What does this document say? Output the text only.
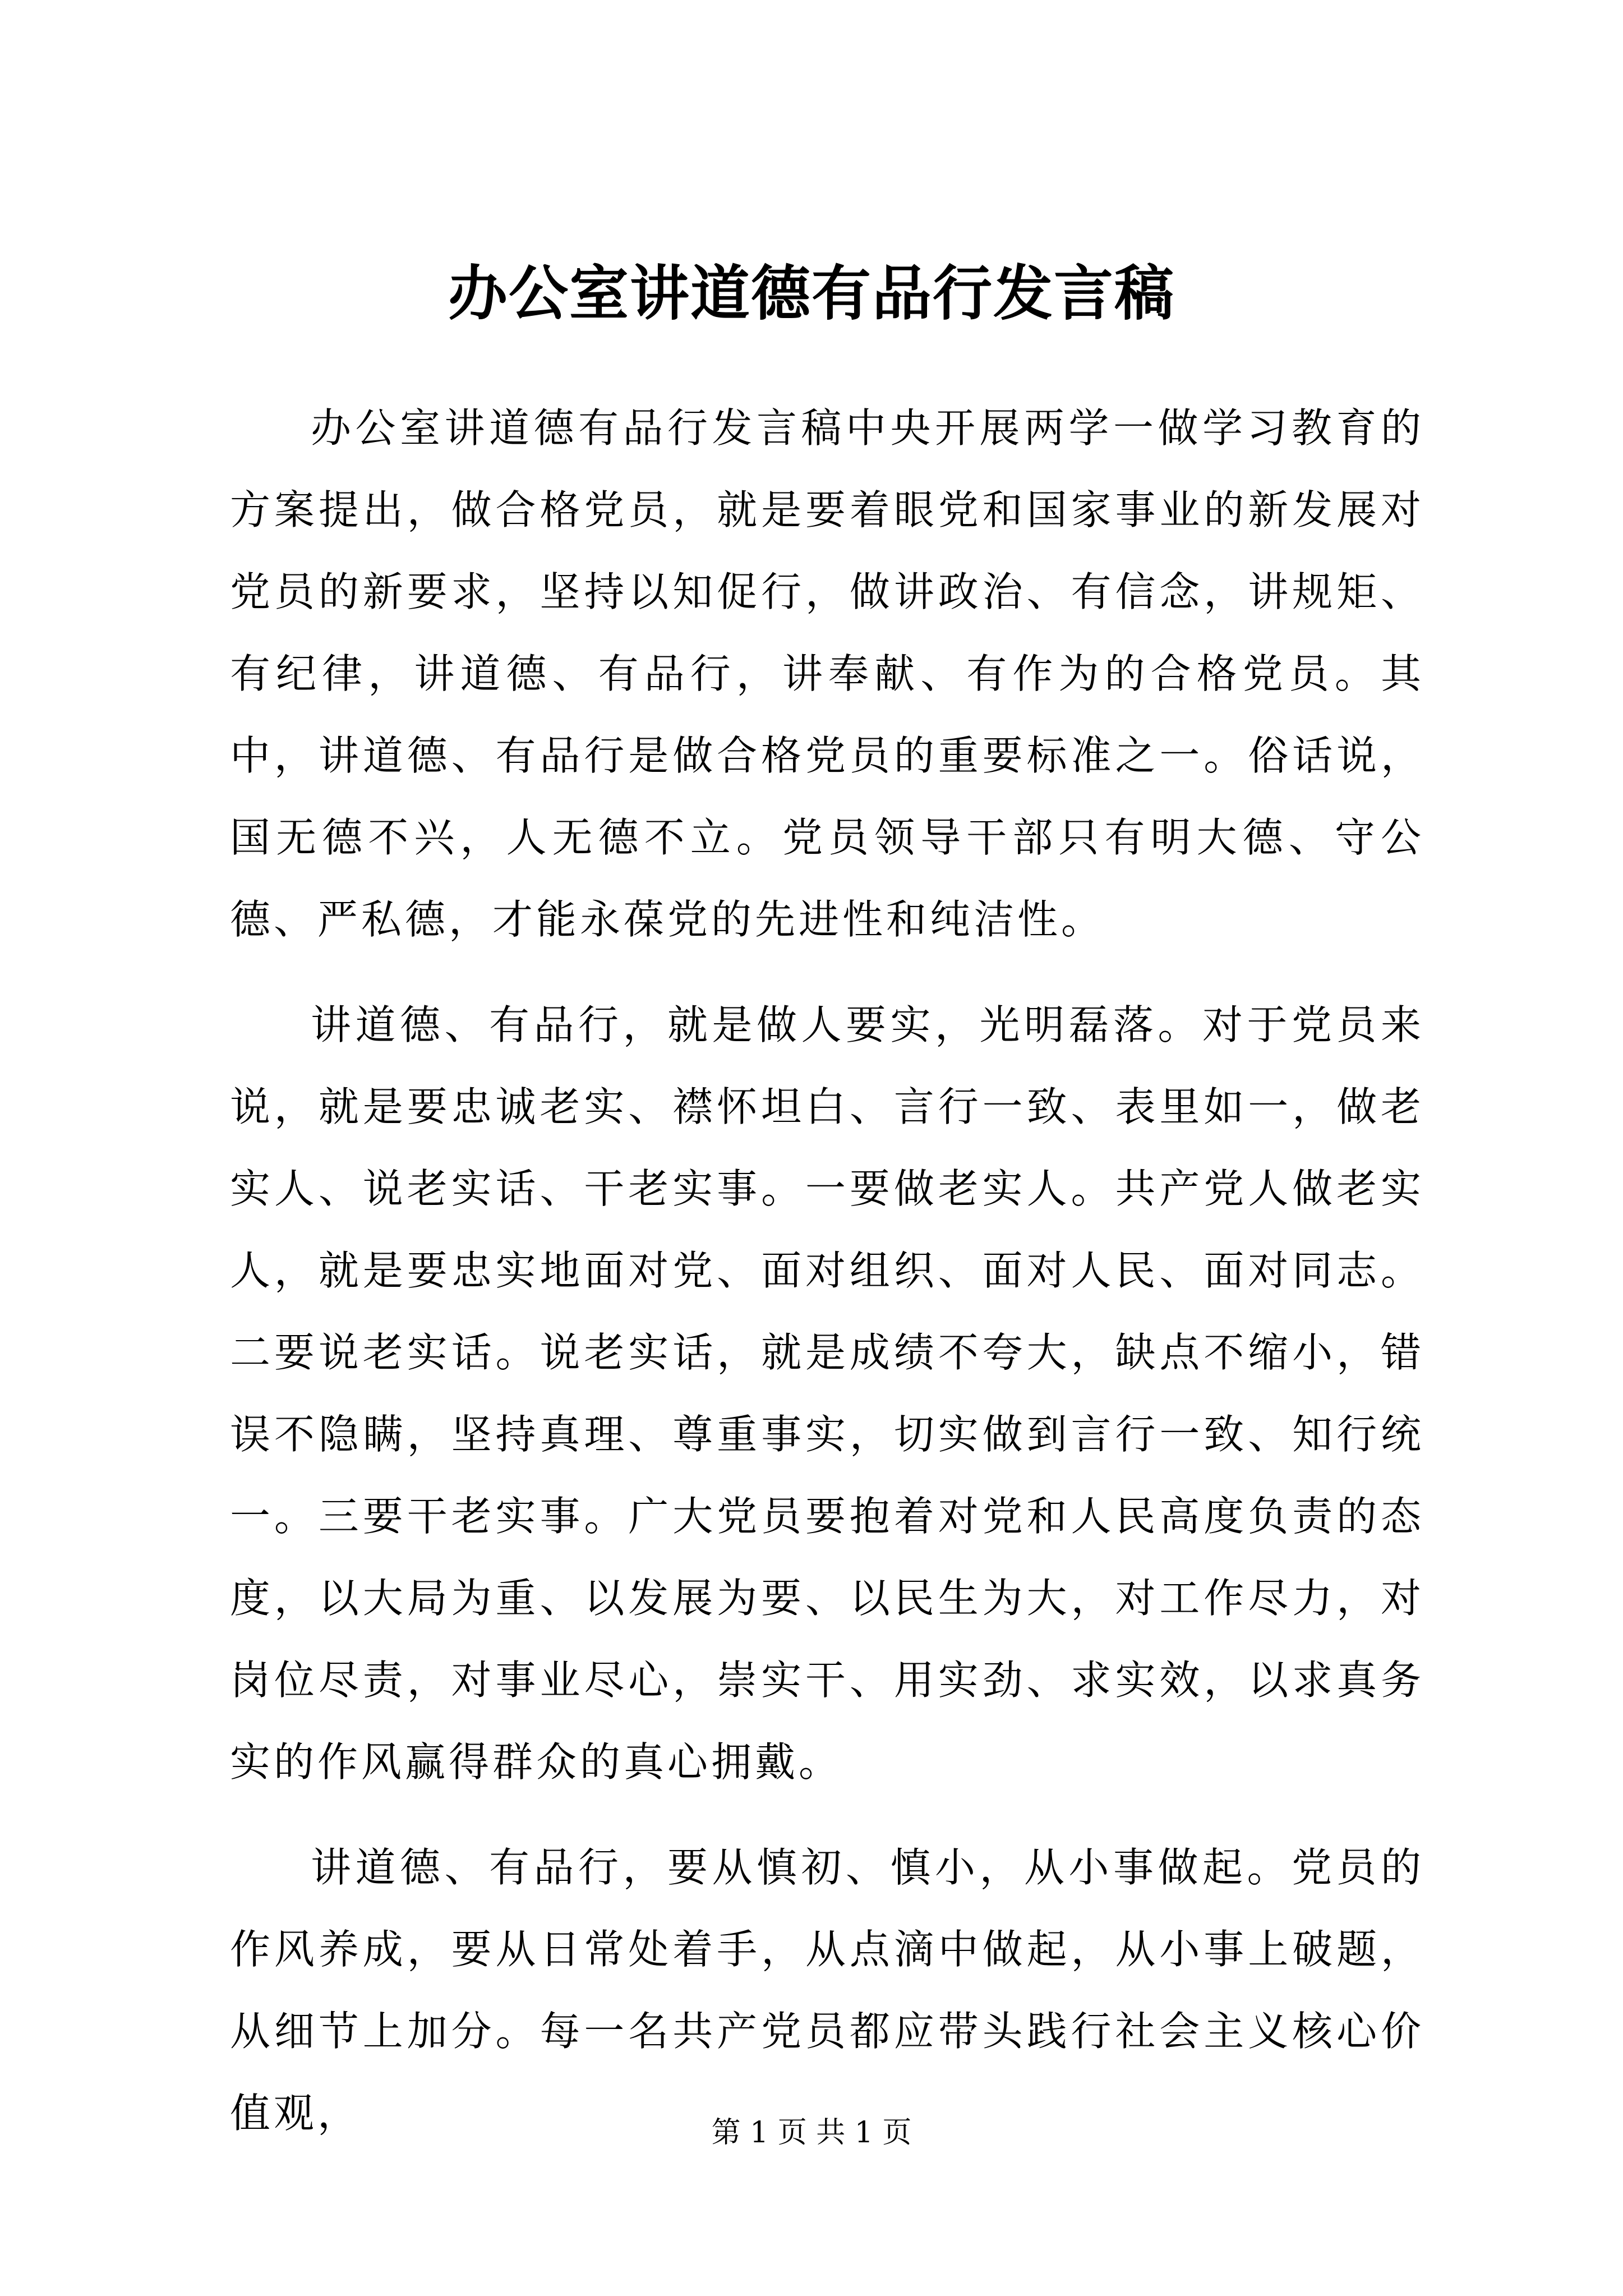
办公室讲道德有品行发言稿

办公室讲道德有品行发言稿中央开展两学一做学习教育的方案提出，做合格党员，就是要着眼党和国家事业的新发展对党员的新要求，坚持以知促行，做讲政治、有信念，讲规矩、有纪律，讲道德、有品行，讲奉献、有作为的合格党员。其中，讲道德、有品行是做合格党员的重要标准之一。俗话说，国无德不兴，人无德不立。党员领导干部只有明大德、守公德、严私德，才能永葆党的先进性和纯洁性。

讲道德、有品行，就是做人要实，光明磊落。对于党员来说，就是要忠诚老实、襟怀坦白、言行一致、表里如一，做老实人、说老实话、干老实事。一要做老实人。共产党人做老实人，就是要忠实地面对党、面对组织、面对人民、面对同志。二要说老实话。说老实话，就是成绩不夸大，缺点不缩小，错误不隐瞒，坚持真理、尊重事实，切实做到言行一致、知行统一。三要干老实事。广大党员要抱着对党和人民高度负责的态度，以大局为重、以发展为要、以民生为大，对工作尽力，对岗位尽责，对事业尽心，崇实干、用实劲、求实效，以求真务实的作风赢得群众的真心拥戴。

讲道德、有品行，要从慎初、慎小，从小事做起。党员的作风养成，要从日常处着手，从点滴中做起，从小事上破题，从细节上加分。每一名共产党员都应带头践行社会主义核心价值观，	第 1 页 共 1 页
